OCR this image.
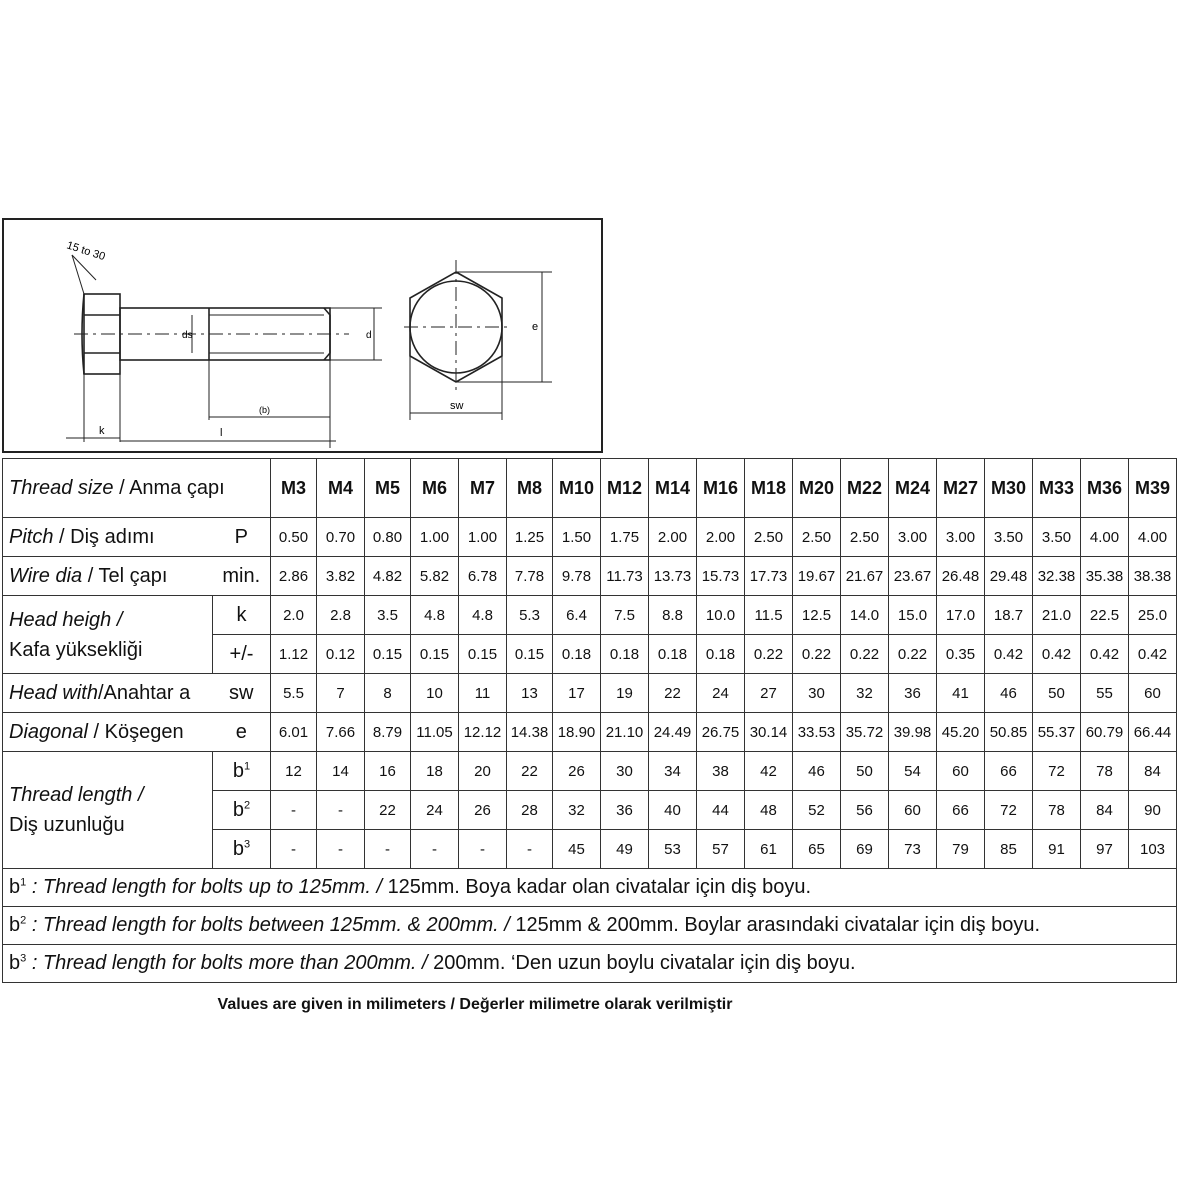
15 to 30
k	l
(b)
ds	d
e
sw
Thread size / Anma çapı		M3	M4	M5	M6	M7	M8	M10	M12	M14	M16	M18	M20	M22	M24	M27	M30	M33	M36	M39
Pitch / Diş adımı	P	0.50	0.70	0.80	1.00	1.00	1.25	1.50	1.75	2.00	2.00	2.50	2.50	2.50	3.00	3.00	3.50	3.50	4.00	4.00
Wire dia / Tel çapı	min.	2.86	3.82	4.82	5.82	6.78	7.78	9.78	11.73	13.73	15.73	17.73	19.67	21.67	23.67	26.48	29.48	32.38	35.38	38.38
Head heigh /
Kafa yüksekliği	k	2.0	2.8	3.5	4.8	4.8	5.3	6.4	7.5	8.8	10.0	11.5	12.5	14.0	15.0	17.0	18.7	21.0	22.5	25.0
	+/-	1.12	0.12	0.15	0.15	0.15	0.15	0.18	0.18	0.18	0.18	0.22	0.22	0.22	0.22	0.35	0.42	0.42	0.42	0.42
Head with/Anahtar a	sw	5.5	7	8	10	11	13	17	19	22	24	27	30	32	36	41	46	50	55	60
Diagonal / Köşegen	e	6.01	7.66	8.79	11.05	12.12	14.38	18.90	21.10	24.49	26.75	30.14	33.53	35.72	39.98	45.20	50.85	55.37	60.79	66.44
Thread length /
Diş uzunluğu	$b^1$	12	14	16	18	20	22	26	30	34	38	42	46	50	54	60	66	72	78	84
	$b^2$	-	-	22	24	26	28	32	36	40	44	48	52	56	60	66	72	78	84	90
	$b^3$	-	-	-	-	-	-	45	49	53	57	61	65	69	73	79	85	91	97	103
$b^1$ : Thread length for bolts up to 125mm. / 125mm. Boya kadar olan civatalar için diş boyu.																				
$b^2$ : Thread length for bolts between 125mm. & 200mm. / 125mm & 200mm. Boylar arasındaki civatalar için diş boyu.																				
$b^3$ : Thread length for bolts more than 200mm. / 200mm. ‘Den uzun boylu civatalar için diş boyu.																				
Values are given in milimeters / Değerler milimetre olarak verilmiştir
